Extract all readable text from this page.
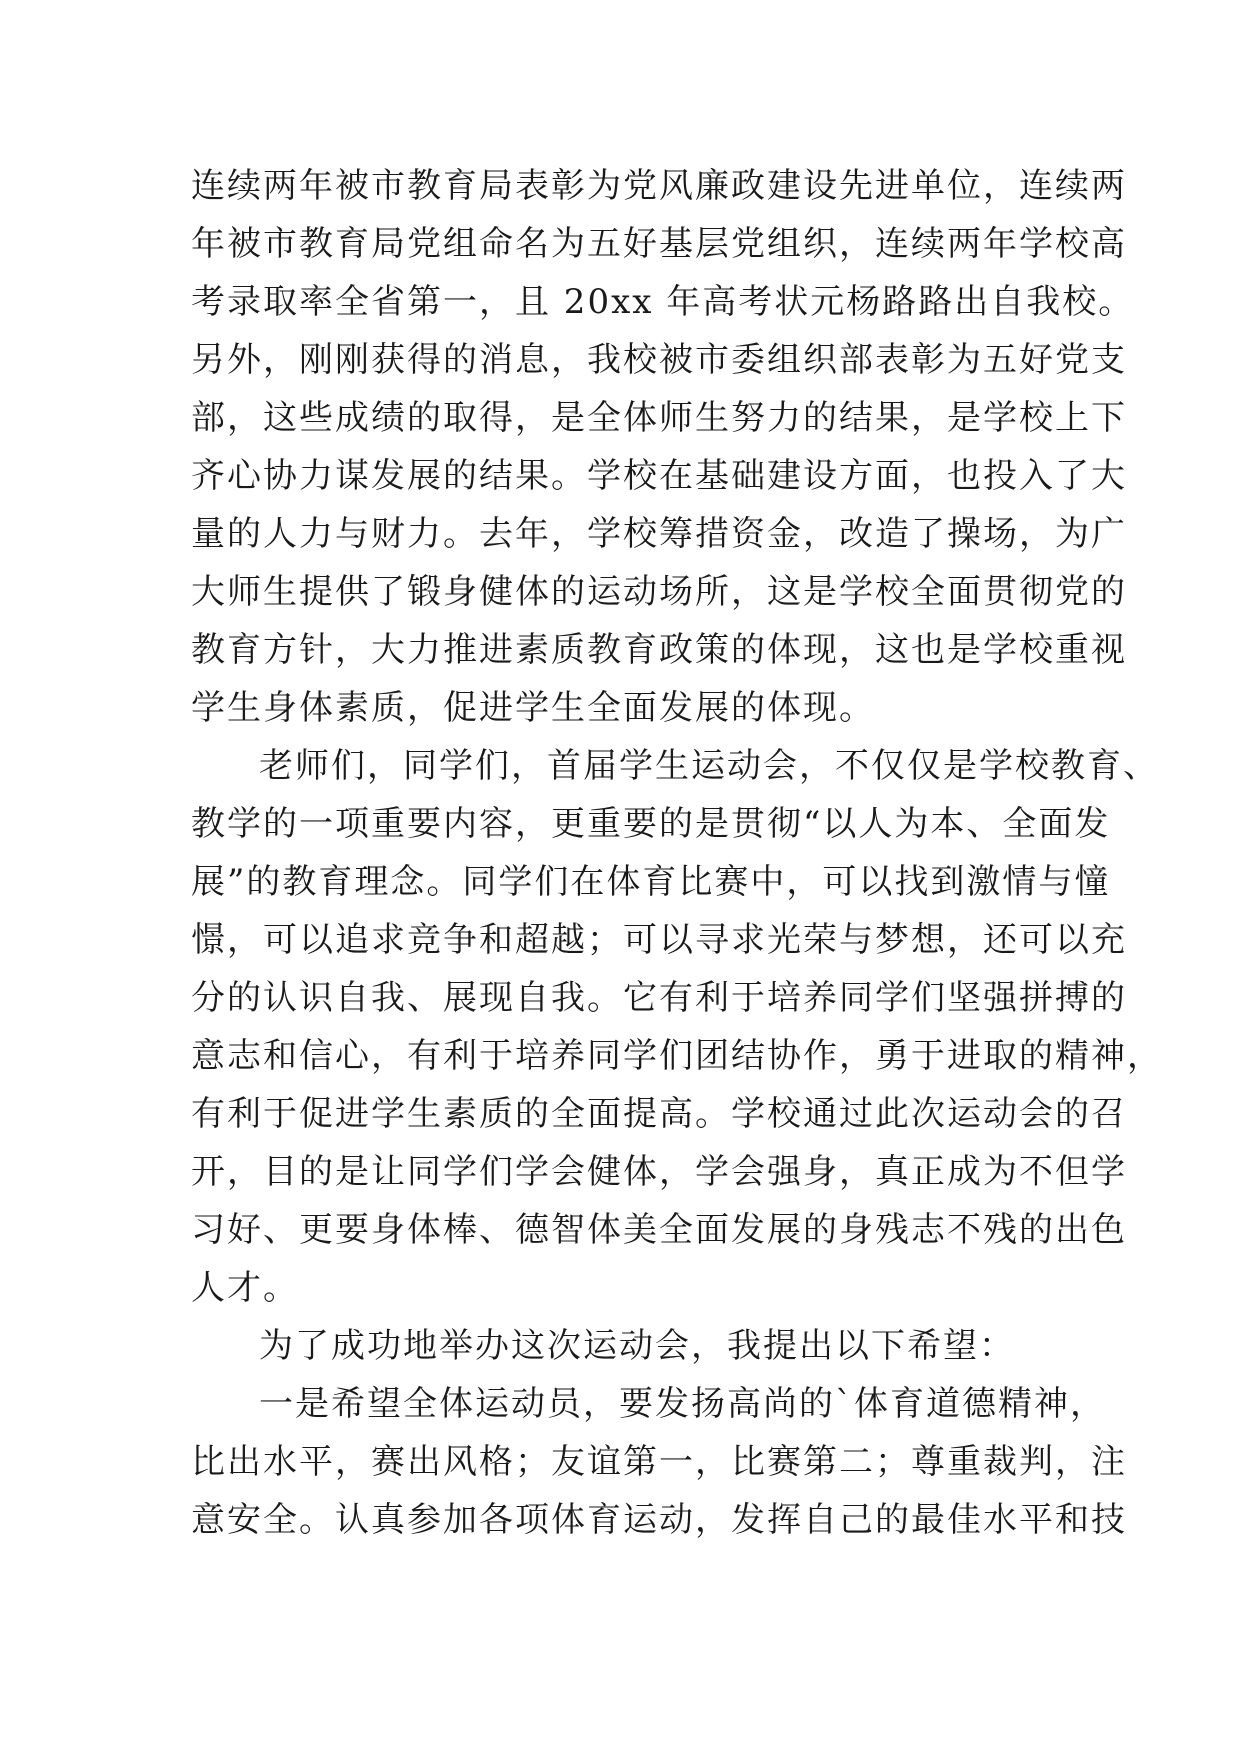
连续两年被市教育局表彰为党风廉政建设先进单位，连续两
年被市教育局党组命名为五好基层党组织，连续两年学校高
考录取率全省第一，且 20xx 年高考状元杨路路出自我校。
另外，刚刚获得的消息，我校被市委组织部表彰为五好党支
部，这些成绩的取得，是全体师生努力的结果，是学校上下
齐心协力谋发展的结果。学校在基础建设方面，也投入了大
量的人力与财力。去年，学校筹措资金，改造了操场，为广
大师生提供了锻身健体的运动场所，这是学校全面贯彻党的
教育方针，大力推进素质教育政策的体现，这也是学校重视
学生身体素质，促进学生全面发展的体现。
老师们，同学们，首届学生运动会，不仅仅是学校教育、
教学的一项重要内容，更重要的是贯彻“以人为本、全面发
展”的教育理念。同学们在体育比赛中，可以找到激情与憧
憬，可以追求竞争和超越；可以寻求光荣与梦想，还可以充
分的认识自我、展现自我。它有利于培养同学们坚强拼搏的
意志和信心，有利于培养同学们团结协作，勇于进取的精神，
有利于促进学生素质的全面提高。学校通过此次运动会的召
开，目的是让同学们学会健体，学会强身，真正成为不但学
习好、更要身体棒、德智体美全面发展的身残志不残的出色
人才。
为了成功地举办这次运动会，我提出以下希望：
一是希望全体运动员，要发扬高尚的`体育道德精神，
比出水平，赛出风格；友谊第一，比赛第二；尊重裁判，注
意安全。认真参加各项体育运动，发挥自己的最佳水平和技
